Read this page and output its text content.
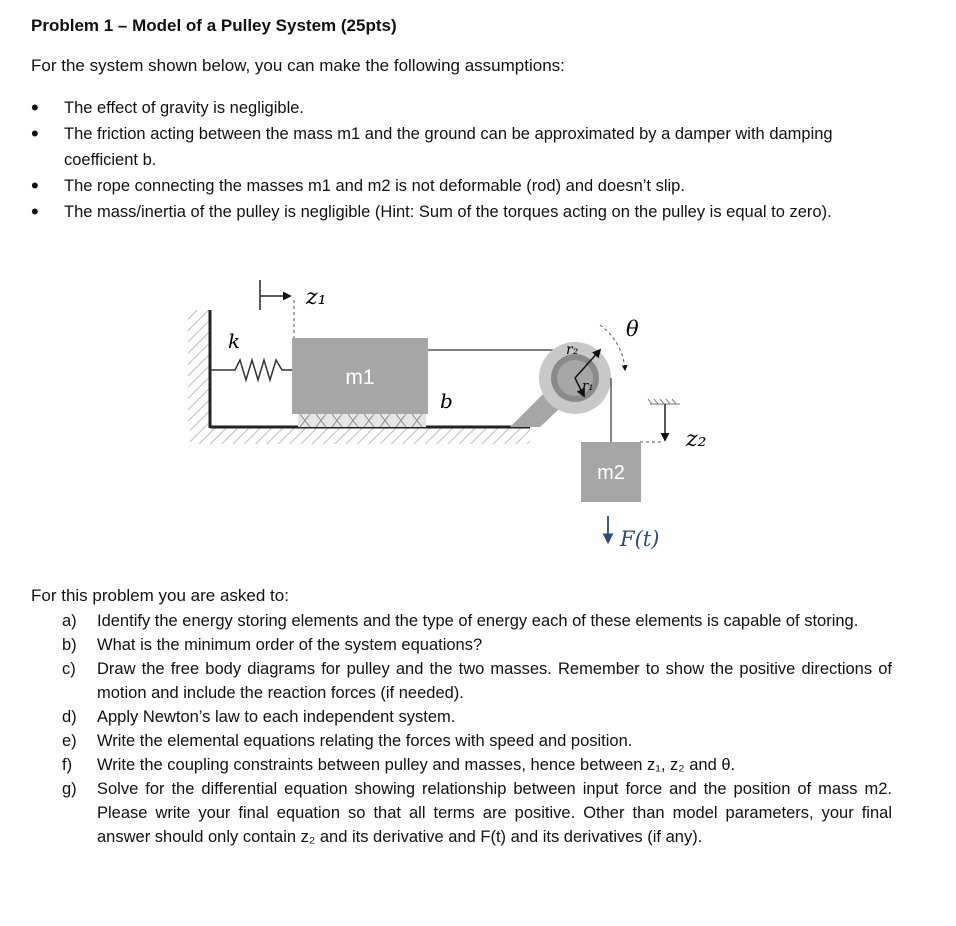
Problem 1 – Model of a Pulley System (25pts)
For the system shown below, you can make the following assumptions:
• The effect of gravity is negligible.
• The friction acting between the mass m1 and the ground can be approximated by a damper with damping coefficient b.
• The rope connecting the masses m1 and m2 is not deformable (rod) and doesn’t slip.
• The mass/inertia of the pulley is negligible (Hint: Sum of the torques acting on the pulley is equal to zero).
z₁
k
m1
b
r₂
r₁
θ
z₂
m2
F(t)
For this problem you are asked to:
a) Identify the energy storing elements and the type of energy each of these elements is capable of storing.
b) What is the minimum order of the system equations?
c) Draw the free body diagrams for pulley and the two masses. Remember to show the positive directions of motion and include the reaction forces (if needed).
d) Apply Newton’s law to each independent system.
e) Write the elemental equations relating the forces with speed and position.
f) Write the coupling constraints between pulley and masses, hence between z₁, z₂ and θ.
g) Solve for the differential equation showing relationship between input force and the position of mass m2. Please write your final equation so that all terms are positive. Other than model parameters, your final answer should only contain z₂ and its derivative and F(t) and its derivatives (if any).
